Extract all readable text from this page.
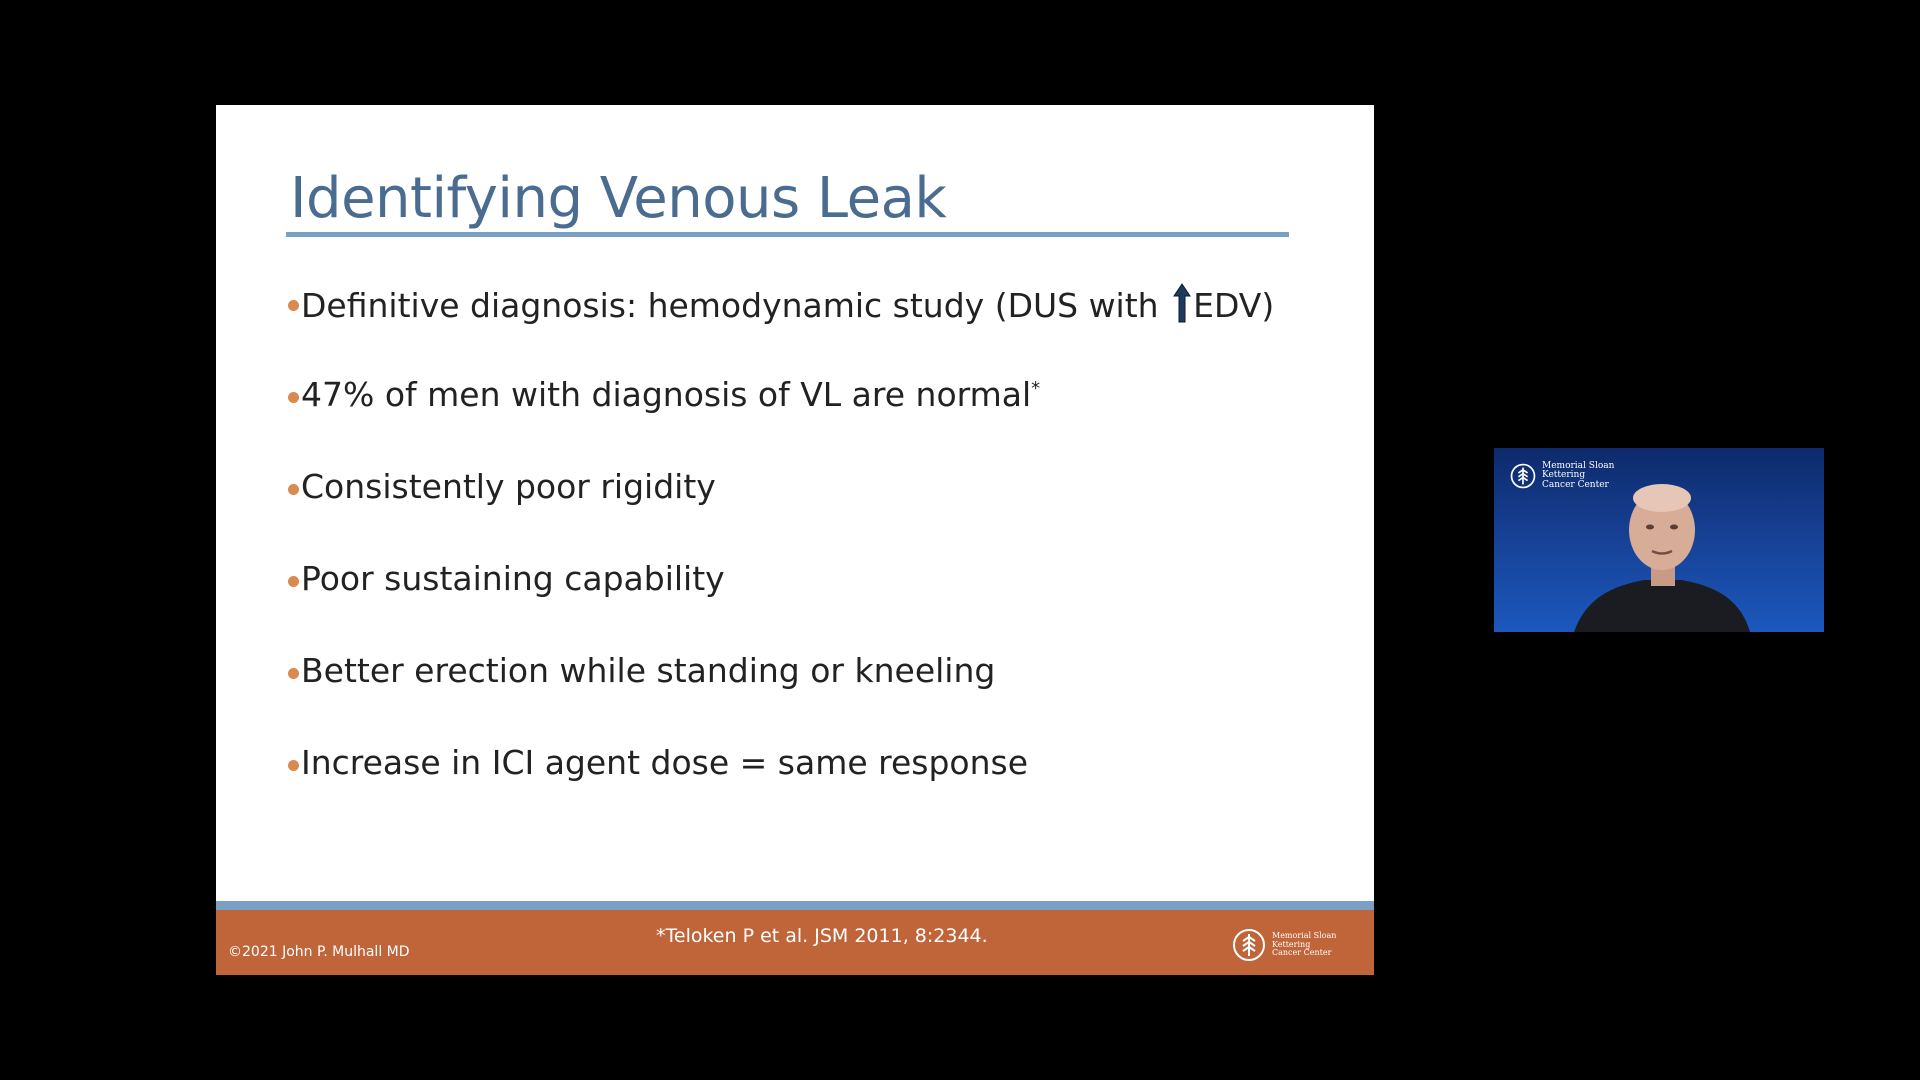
Identifying Venous Leak
Definitive diagnosis: hemodynamic study (DUS with EDV)
47% of men with diagnosis of VL are normal*
Consistently poor rigidity
Poor sustaining capability
Better erection while standing or kneeling
Increase in ICI agent dose = same response
©2021 John P. Mulhall MD
*Teloken P et al. JSM 2011, 8:2344.	Memorial Sloan Kettering
Cancer Center
Memorial Sloan Kettering
Cancer Center
